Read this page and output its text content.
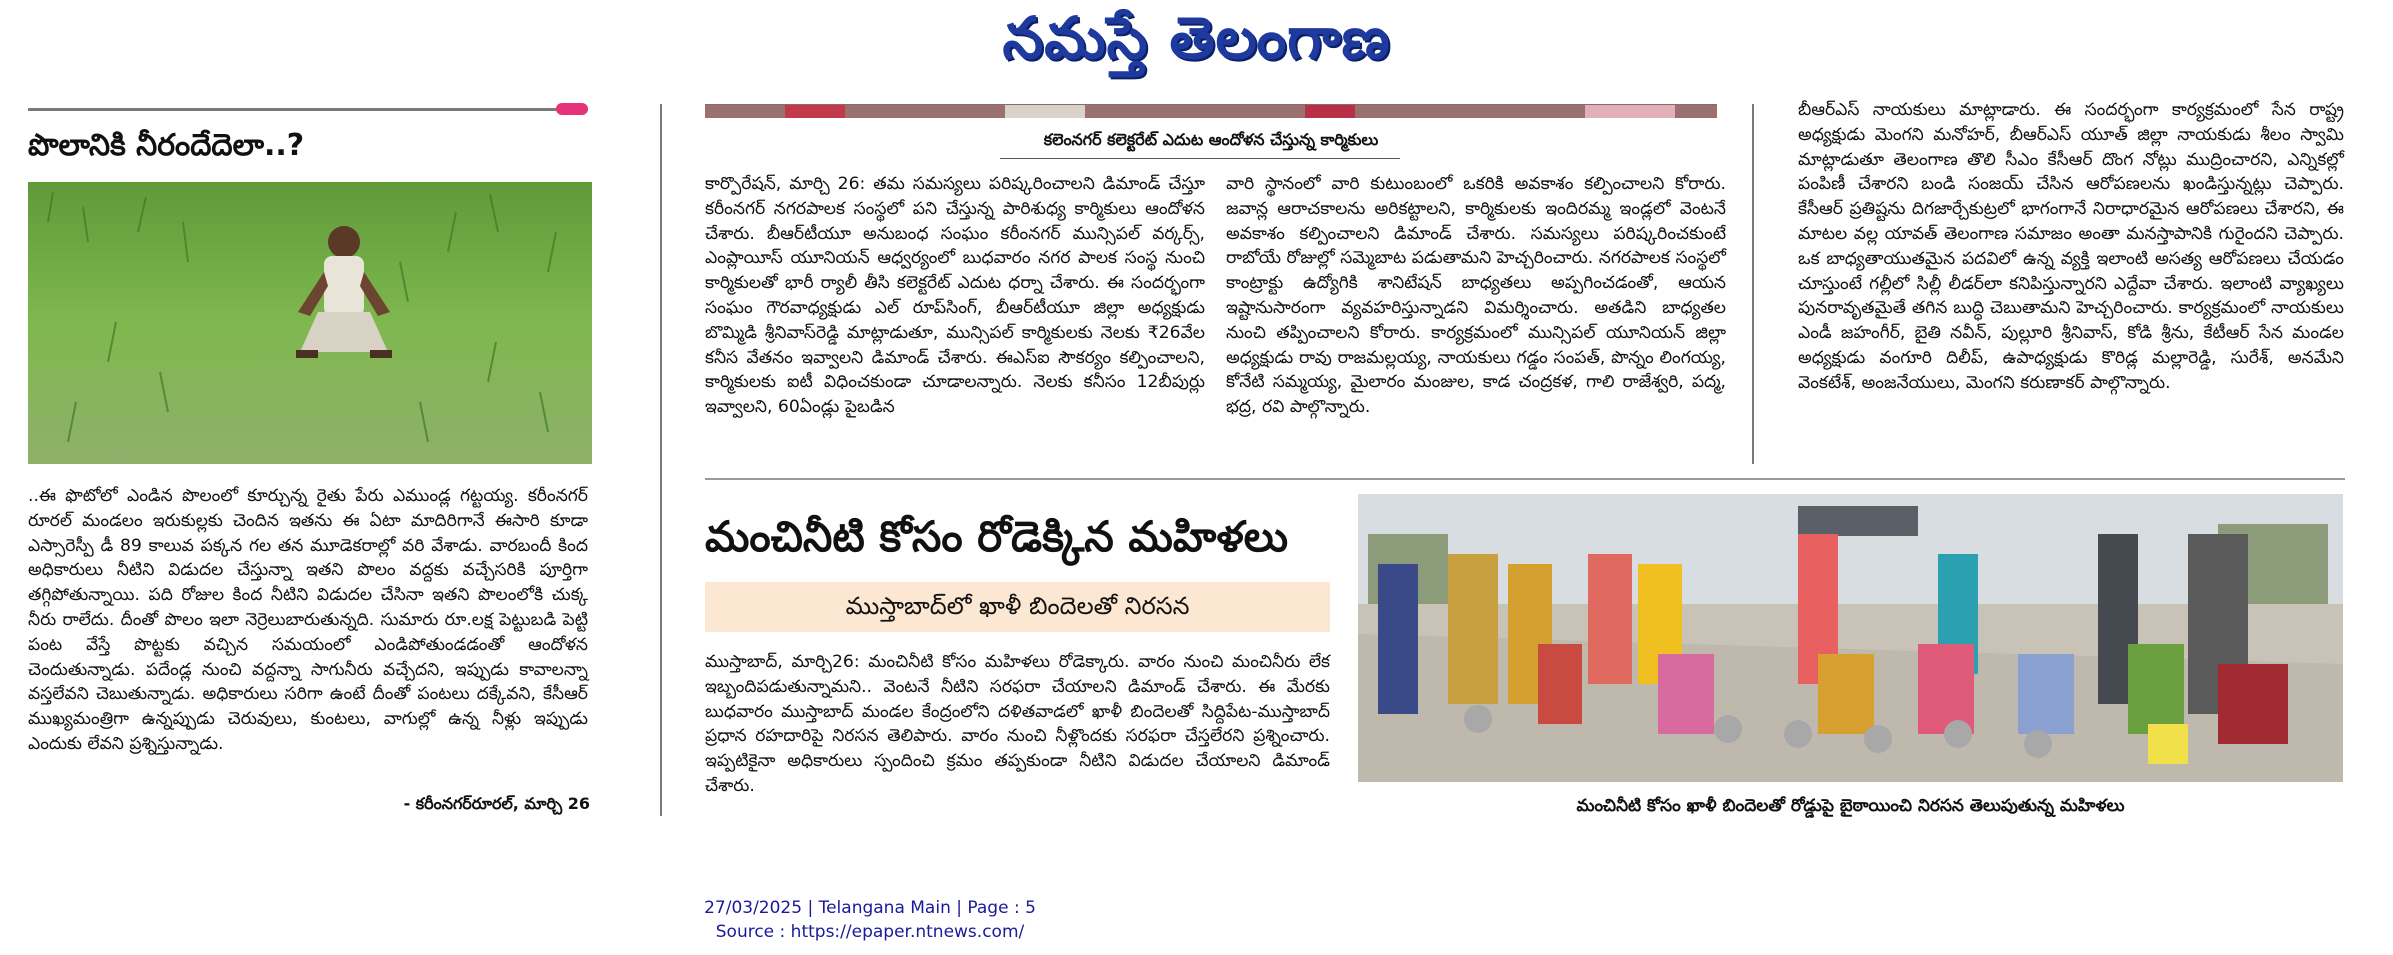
నమస్తే తెలంగాణ
పొలానికి నీరందేదెలా..?

..ఈ ఫొటోలో ఎండిన పొలంలో కూర్చున్న రైతు పేరు ఎముండ్ల గట్టయ్య. కరీంనగర్ రూరల్ మండలం ఇరుకుల్లకు చెందిన ఇతను ఈ ఏటా మాదిరిగానే ఈసారి కూడా ఎస్సారెస్పీ డీ 89 కాలువ పక్కన గల తన మూడెకరాల్లో వరి వేశాడు. వారబందీ కింద అధికారులు నీటిని విడుదల చేస్తున్నా ఇతని పొలం వద్దకు వచ్చేసరికి పూర్తిగా తగ్గిపోతున్నాయి. పది రోజుల కింద నీటిని విడుదల చేసినా ఇతని పొలంలోకి చుక్క నీరు రాలేదు. దీంతో పొలం ఇలా నెర్రెలుబారుతున్నది. సుమారు రూ.లక్ష పెట్టుబడి పెట్టి పంట వేస్తే పొట్టకు వచ్చిన సమయంలో ఎండిపోతుండడంతో ఆందోళన చెందుతున్నాడు. పదేండ్ల నుంచి వద్దన్నా సాగునీరు వచ్చేదని, ఇప్పుడు కావాలన్నా వస్తలేవని చెబుతున్నాడు. అధికారులు సరిగా ఉంటే దీంతో పంటలు దక్కేవని, కేసీఆర్ ముఖ్యమంత్రిగా ఉన్నప్పుడు చెరువులు, కుంటలు, వాగుల్లో ఉన్న నీళ్లు ఇప్పుడు ఎందుకు లేవని ప్రశ్నిస్తున్నాడు.

- కరీంనగర్‌రూరల్, మార్చి 26
కలెంనగర్ కలెక్టరేట్ ఎదుట ఆందోళన చేస్తున్న కార్మికులు

కార్పొరేషన్, మార్చి 26: తమ సమస్యలు పరిష్కరించాలని డిమాండ్ చేస్తూ కరీంనగర్ నగరపాలక సంస్థలో పని చేస్తున్న పారిశుధ్య కార్మికులు ఆందోళన చేశారు. బీఆర్‌టీయూ అనుబంధ సంఘం కరీంనగర్ మున్సిపల్ వర్కర్స్, ఎంప్లాయీస్ యూనియన్ ఆధ్వర్యంలో బుధవారం నగర పాలక సంస్థ నుంచి కార్మికులతో భారీ ర్యాలీ తీసి కలెక్టరేట్ ఎదుట ధర్నా చేశారు. ఈ సందర్భంగా సంఘం గౌరవాధ్యక్షుడు ఎల్ రూప్‌సింగ్, బీఆర్‌టీయూ జిల్లా అధ్యక్షుడు బొమ్మిడి శ్రీనివాస్‌రెడ్డి మాట్లాడుతూ, మున్సిపల్ కార్మికులకు నెలకు ₹26వేల కనీస వేతనం ఇవ్వాలని డిమాండ్ చేశారు. ఈఎస్‌ఐ సౌకర్యం కల్పించాలని, కార్మికులకు ఐటీ విధించకుండా చూడాలన్నారు. నెలకు కనీసం 12బీపుర్లు ఇవ్వాలని, 60ఏండ్లు పైబడిన

వారి స్థానంలో వారి కుటుంబంలో ఒకరికి అవకాశం కల్పించాలని కోరారు. జవాన్ల ఆరాచకాలను అరికట్టాలని, కార్మికులకు ఇందిరమ్మ ఇండ్లలో వెంటనే అవకాశం కల్పించాలని డిమాండ్ చేశారు. సమస్యలు పరిష్కరించకుంటే రాబోయే రోజుల్లో సమ్మెబాట పడుతామని హెచ్చరించారు. నగరపాలక సంస్థలో కాంట్రాక్టు ఉద్యోగికి శానిటేషన్ బాధ్యతలు అప్పగించడంతో, ఆయన ఇష్టానుసారంగా వ్యవహరిస్తున్నాడని విమర్శించారు. అతడిని బాధ్యతల నుంచి తప్పించాలని కోరారు. కార్యక్రమంలో మున్సిపల్ యూనియన్ జిల్లా అధ్యక్షుడు రావు రాజమల్లయ్య, నాయకులు గడ్డం సంపత్, పొన్నం లింగయ్య, కోనేటి సమ్మయ్య, మైలారం మంజుల, కాడ చంద్రకళ, గాలి రాజేశ్వరి, పద్మ, భద్ర, రవి పాల్గొన్నారు.

బీఆర్‌ఎస్ నాయకులు మాట్లాడారు. ఈ సందర్భంగా కార్యక్రమంలో సేన రాష్ట్ర అధ్యక్షుడు మెంగని మనోహర్, బీఆర్‌ఎస్ యూత్ జిల్లా నాయకుడు శీలం స్వామి మాట్లాడుతూ తెలంగాణ తొలి సీఎం కేసీఆర్ దొంగ నోట్లు ముద్రించారని, ఎన్నికల్లో పంపిణీ చేశారని బండి సంజయ్ చేసిన ఆరోపణలను ఖండిస్తున్నట్లు చెప్పారు. కేసీఆర్ ప్రతిష్టను దిగజార్చేకుట్రలో భాగంగానే నిరాధారమైన ఆరోపణలు చేశారని, ఈ మాటల వల్ల యావత్ తెలంగాణ సమాజం అంతా మనస్తాపానికి గురైందని చెప్పారు. ఒక బాధ్యతాయుతమైన పదవిలో ఉన్న వ్యక్తి ఇలాంటి అసత్య ఆరోపణలు చేయడం చూస్తుంటే గల్లీలో సిల్లీ లీడర్‌లా కనిపిస్తున్నారని ఎద్దేవా చేశారు. ఇలాంటి వ్యాఖ్యలు పునరావృతమైతే తగిన బుద్ధి చెబుతామని హెచ్చరించారు. కార్యక్రమంలో నాయకులు ఎండీ జహంగీర్, బైతి నవీన్, పుల్లూరి శ్రీనివాస్, కోడి శ్రీను, కేటీఆర్ సేన మండల అధ్యక్షుడు వంగూరి దిలీప్, ఉపాధ్యక్షుడు కొరిడ్ల మల్లారెడ్డి, సురేశ్, అనమేని వెంకటేశ్, అంజనేయులు, మెంగని కరుణాకర్ పాల్గొన్నారు.

మంచినీటి కోసం రోడెక్కిన మహిళలు
ముస్తాబాద్‌లో ఖాళీ బిందెలతో నిరసన

ముస్తాబాద్, మార్చి26: మంచినీటి కోసం మహిళలు రోడెక్కారు. వారం నుంచి మంచినీరు లేక ఇబ్బందిపడుతున్నామని.. వెంటనే నీటిని సరఫరా చేయాలని డిమాండ్ చేశారు. ఈ మేరకు బుధవారం ముస్తాబాద్ మండల కేంద్రంలోని దళితవాడలో ఖాళీ బిందెలతో సిద్దిపేట-ముస్తాబాద్ ప్రధాన రహదారిపై నిరసన తెలిపారు. వారం నుంచి నీళ్లొందకు సరఫరా చేస్తలేరని ప్రశ్నించారు. ఇప్పటికైనా అధికారులు స్పందించి క్రమం తప్పకుండా నీటిని విడుదల చేయాలని డిమాండ్ చేశారు.

మంచినీటి కోసం ఖాళీ బిందెలతో రోడ్డుపై బైఠాయించి నిరసన తెలుపుతున్న మహిళలు
27/03/2025 | Telangana Main | Page : 5
Source : https://epaper.ntnews.com/
